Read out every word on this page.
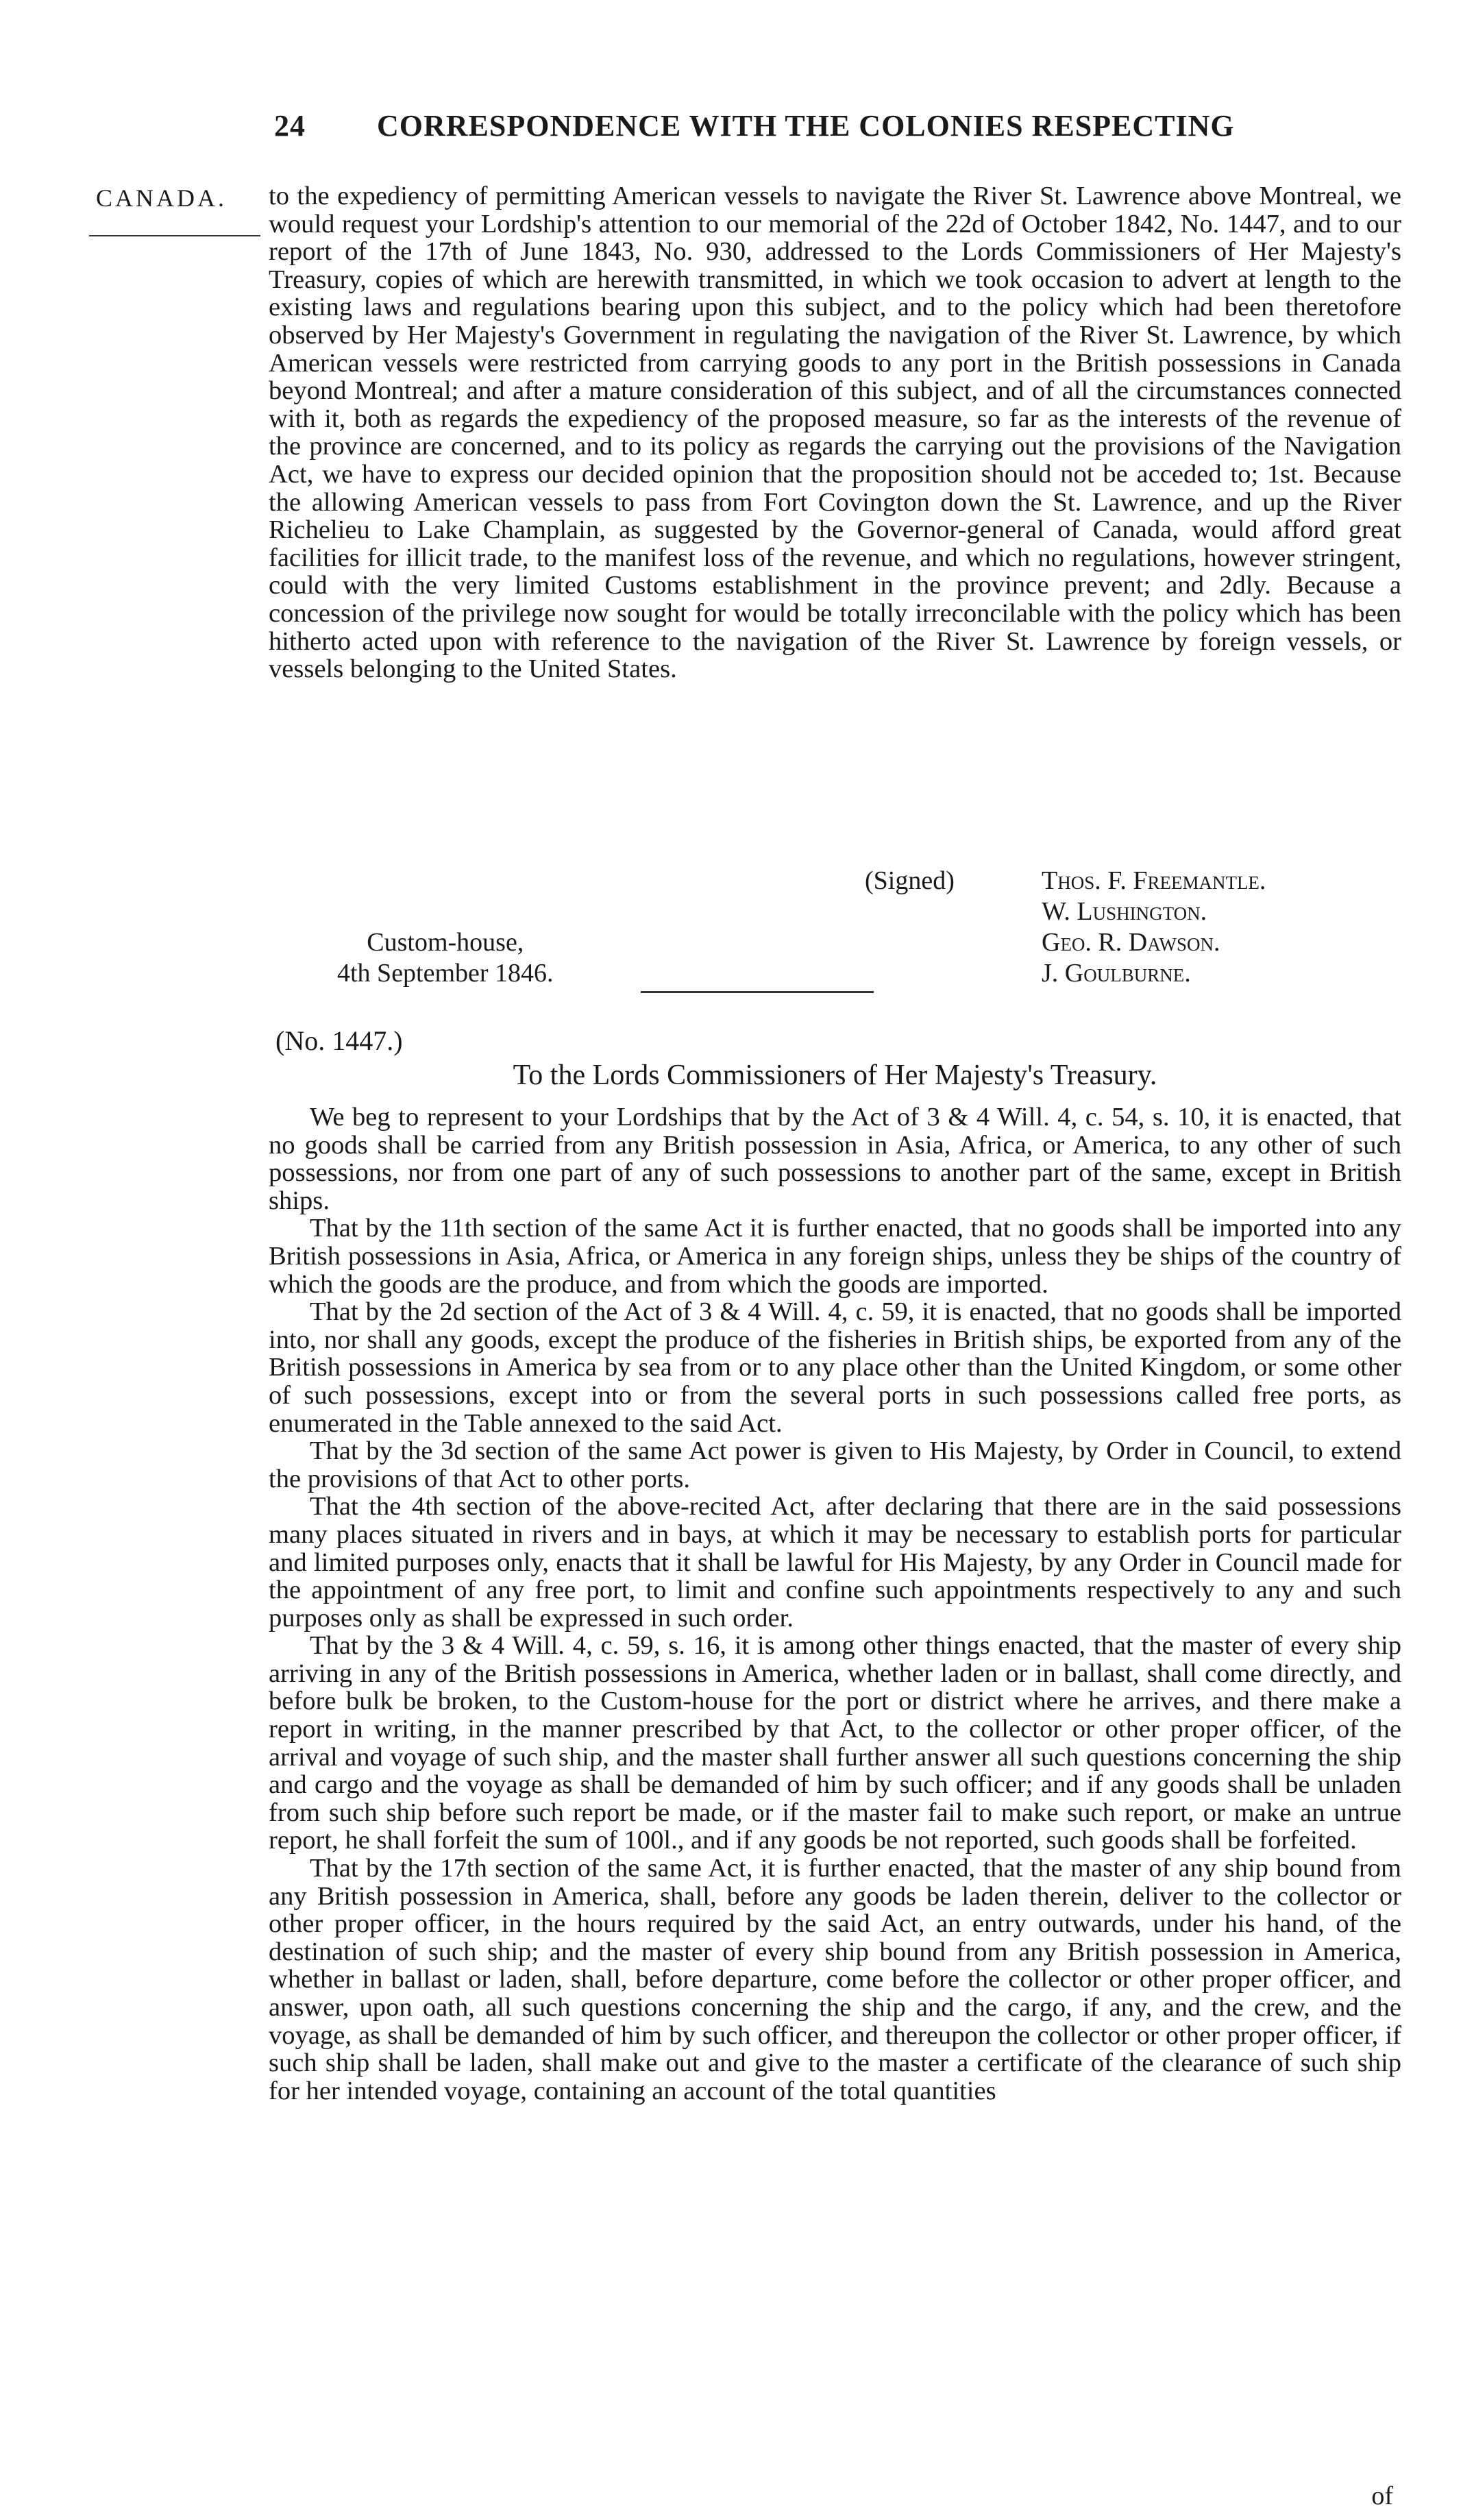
24 CORRESPONDENCE WITH THE COLONIES RESPECTING
CANADA. to the expediency of permitting American vessels to navigate the River St. Lawrence above Montreal, we would request your Lordship's attention to our memorial of the 22d of October 1842, No. 1447, and to our report of the 17th of June 1843, No. 930, addressed to the Lords Commissioners of Her Majesty's Treasury, copies of which are herewith transmitted, in which we took occasion to advert at length to the existing laws and regulations bearing upon this subject, and to the policy which had been theretofore observed by Her Majesty's Government in regulating the navigation of the River St. Lawrence, by which American vessels were restricted from carrying goods to any port in the British possessions in Canada beyond Montreal; and after a mature consideration of this subject, and of all the circumstances connected with it, both as regards the expediency of the proposed measure, so far as the interests of the revenue of the province are concerned, and to its policy as regards the carrying out the provisions of the Navigation Act, we have to express our decided opinion that the proposition should not be acceded to; 1st. Because the allowing American vessels to pass from Fort Covington down the St. Lawrence, and up the River Richelieu to Lake Champlain, as suggested by the Governor-general of Canada, would afford great facilities for illicit trade, to the manifest loss of the revenue, and which no regulations, however stringent, could with the very limited Customs establishment in the province prevent; and 2dly. Because a concession of the privilege now sought for would be totally irreconcilable with the policy which has been hitherto acted upon with reference to the navigation of the River St. Lawrence by foreign vessels, or vessels belonging to the United States.

(Signed)	Thos. F. Freemantle.
W. Lushington.
Geo. R. Dawson.
J. Goulburne.
Custom-house,
4th September 1846.
(No. 1447.)
To the Lords Commissioners of Her Majesty's Treasury.

We beg to represent to your Lordships that by the Act of 3 & 4 Will. 4, c. 54, s. 10, it is enacted, that no goods shall be carried from any British possession in Asia, Africa, or America, to any other of such possessions, nor from one part of any of such possessions to another part of the same, except in British ships.

That by the 11th section of the same Act it is further enacted, that no goods shall be imported into any British possessions in Asia, Africa, or America in any foreign ships, unless they be ships of the country of which the goods are the produce, and from which the goods are imported.

That by the 2d section of the Act of 3 & 4 Will. 4, c. 59, it is enacted, that no goods shall be imported into, nor shall any goods, except the produce of the fisheries in British ships, be exported from any of the British possessions in America by sea from or to any place other than the United Kingdom, or some other of such possessions, except into or from the several ports in such possessions called free ports, as enumerated in the Table annexed to the said Act.

That by the 3d section of the same Act power is given to His Majesty, by Order in Council, to extend the provisions of that Act to other ports.

That the 4th section of the above-recited Act, after declaring that there are in the said possessions many places situated in rivers and in bays, at which it may be necessary to establish ports for particular and limited purposes only, enacts that it shall be lawful for His Majesty, by any Order in Council made for the appointment of any free port, to limit and confine such appointments respectively to any and such purposes only as shall be expressed in such order.

That by the 3 & 4 Will. 4, c. 59, s. 16, it is among other things enacted, that the master of every ship arriving in any of the British possessions in America, whether laden or in ballast, shall come directly, and before bulk be broken, to the Custom-house for the port or district where he arrives, and there make a report in writing, in the manner prescribed by that Act, to the collector or other proper officer, of the arrival and voyage of such ship, and the master shall further answer all such questions concerning the ship and cargo and the voyage as shall be demanded of him by such officer; and if any goods shall be unladen from such ship before such report be made, or if the master fail to make such report, or make an untrue report, he shall forfeit the sum of 100l., and if any goods be not reported, such goods shall be forfeited.

That by the 17th section of the same Act, it is further enacted, that the master of any ship bound from any British possession in America, shall, before any goods be laden therein, deliver to the collector or other proper officer, in the hours required by the said Act, an entry outwards, under his hand, of the destination of such ship; and the master of every ship bound from any British possession in America, whether in ballast or laden, shall, before departure, come before the collector or other proper officer, and answer, upon oath, all such questions concerning the ship and the cargo, if any, and the crew, and the voyage, as shall be demanded of him by such officer, and thereupon the collector or other proper officer, if such ship shall be laden, shall make out and give to the master a certificate of the clearance of such ship for her intended voyage, containing an account of the total quantities

of
